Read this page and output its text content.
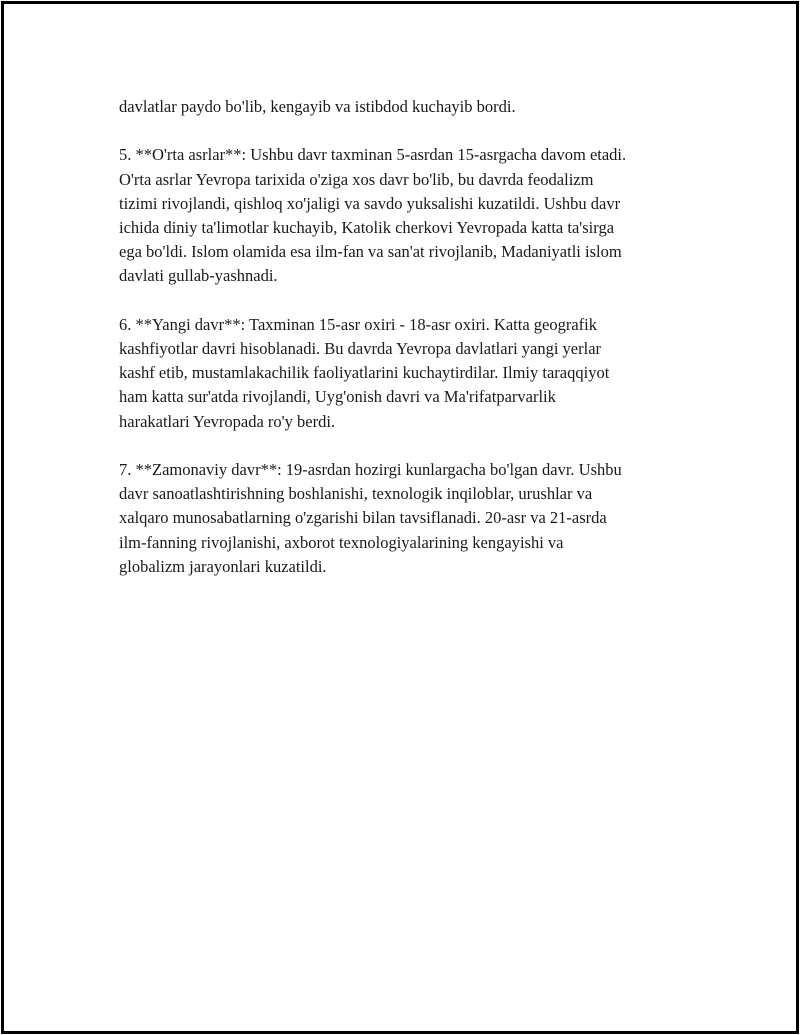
davlatlar paydo bo'lib, kengayib va istibdod kuchayib bordi.

5. **O'rta asrlar**: Ushbu davr taxminan 5-asrdan 15-asrgacha davom etadi.
O'rta asrlar Yevropa tarixida o'ziga xos davr bo'lib, bu davrda feodalizm
tizimi rivojlandi, qishloq xo'jaligi va savdo yuksalishi kuzatildi. Ushbu davr
ichida diniy ta'limotlar kuchayib, Katolik cherkovi Yevropada katta ta'sirga
ega bo'ldi. Islom olamida esa ilm-fan va san'at rivojlanib, Madaniyatli islom
davlati gullab-yashnadi.

6. **Yangi davr**: Taxminan 15-asr oxiri - 18-asr oxiri. Katta geografik
kashfiyotlar davri hisoblanadi. Bu davrda Yevropa davlatlari yangi yerlar
kashf etib, mustamlakachilik faoliyatlarini kuchaytirdilar. Ilmiy taraqqiyot
ham katta sur'atda rivojlandi, Uyg'onish davri va Ma'rifatparvarlik
harakatlari Yevropada ro'y berdi.

7. **Zamonaviy davr**: 19-asrdan hozirgi kunlargacha bo'lgan davr. Ushbu
davr sanoatlashtirishning boshlanishi, texnologik inqiloblar, urushlar va
xalqaro munosabatlarning o'zgarishi bilan tavsiflanadi. 20-asr va 21-asrda
ilm-fanning rivojlanishi, axborot texnologiyalarining kengayishi va
globalizm jarayonlari kuzatildi.
